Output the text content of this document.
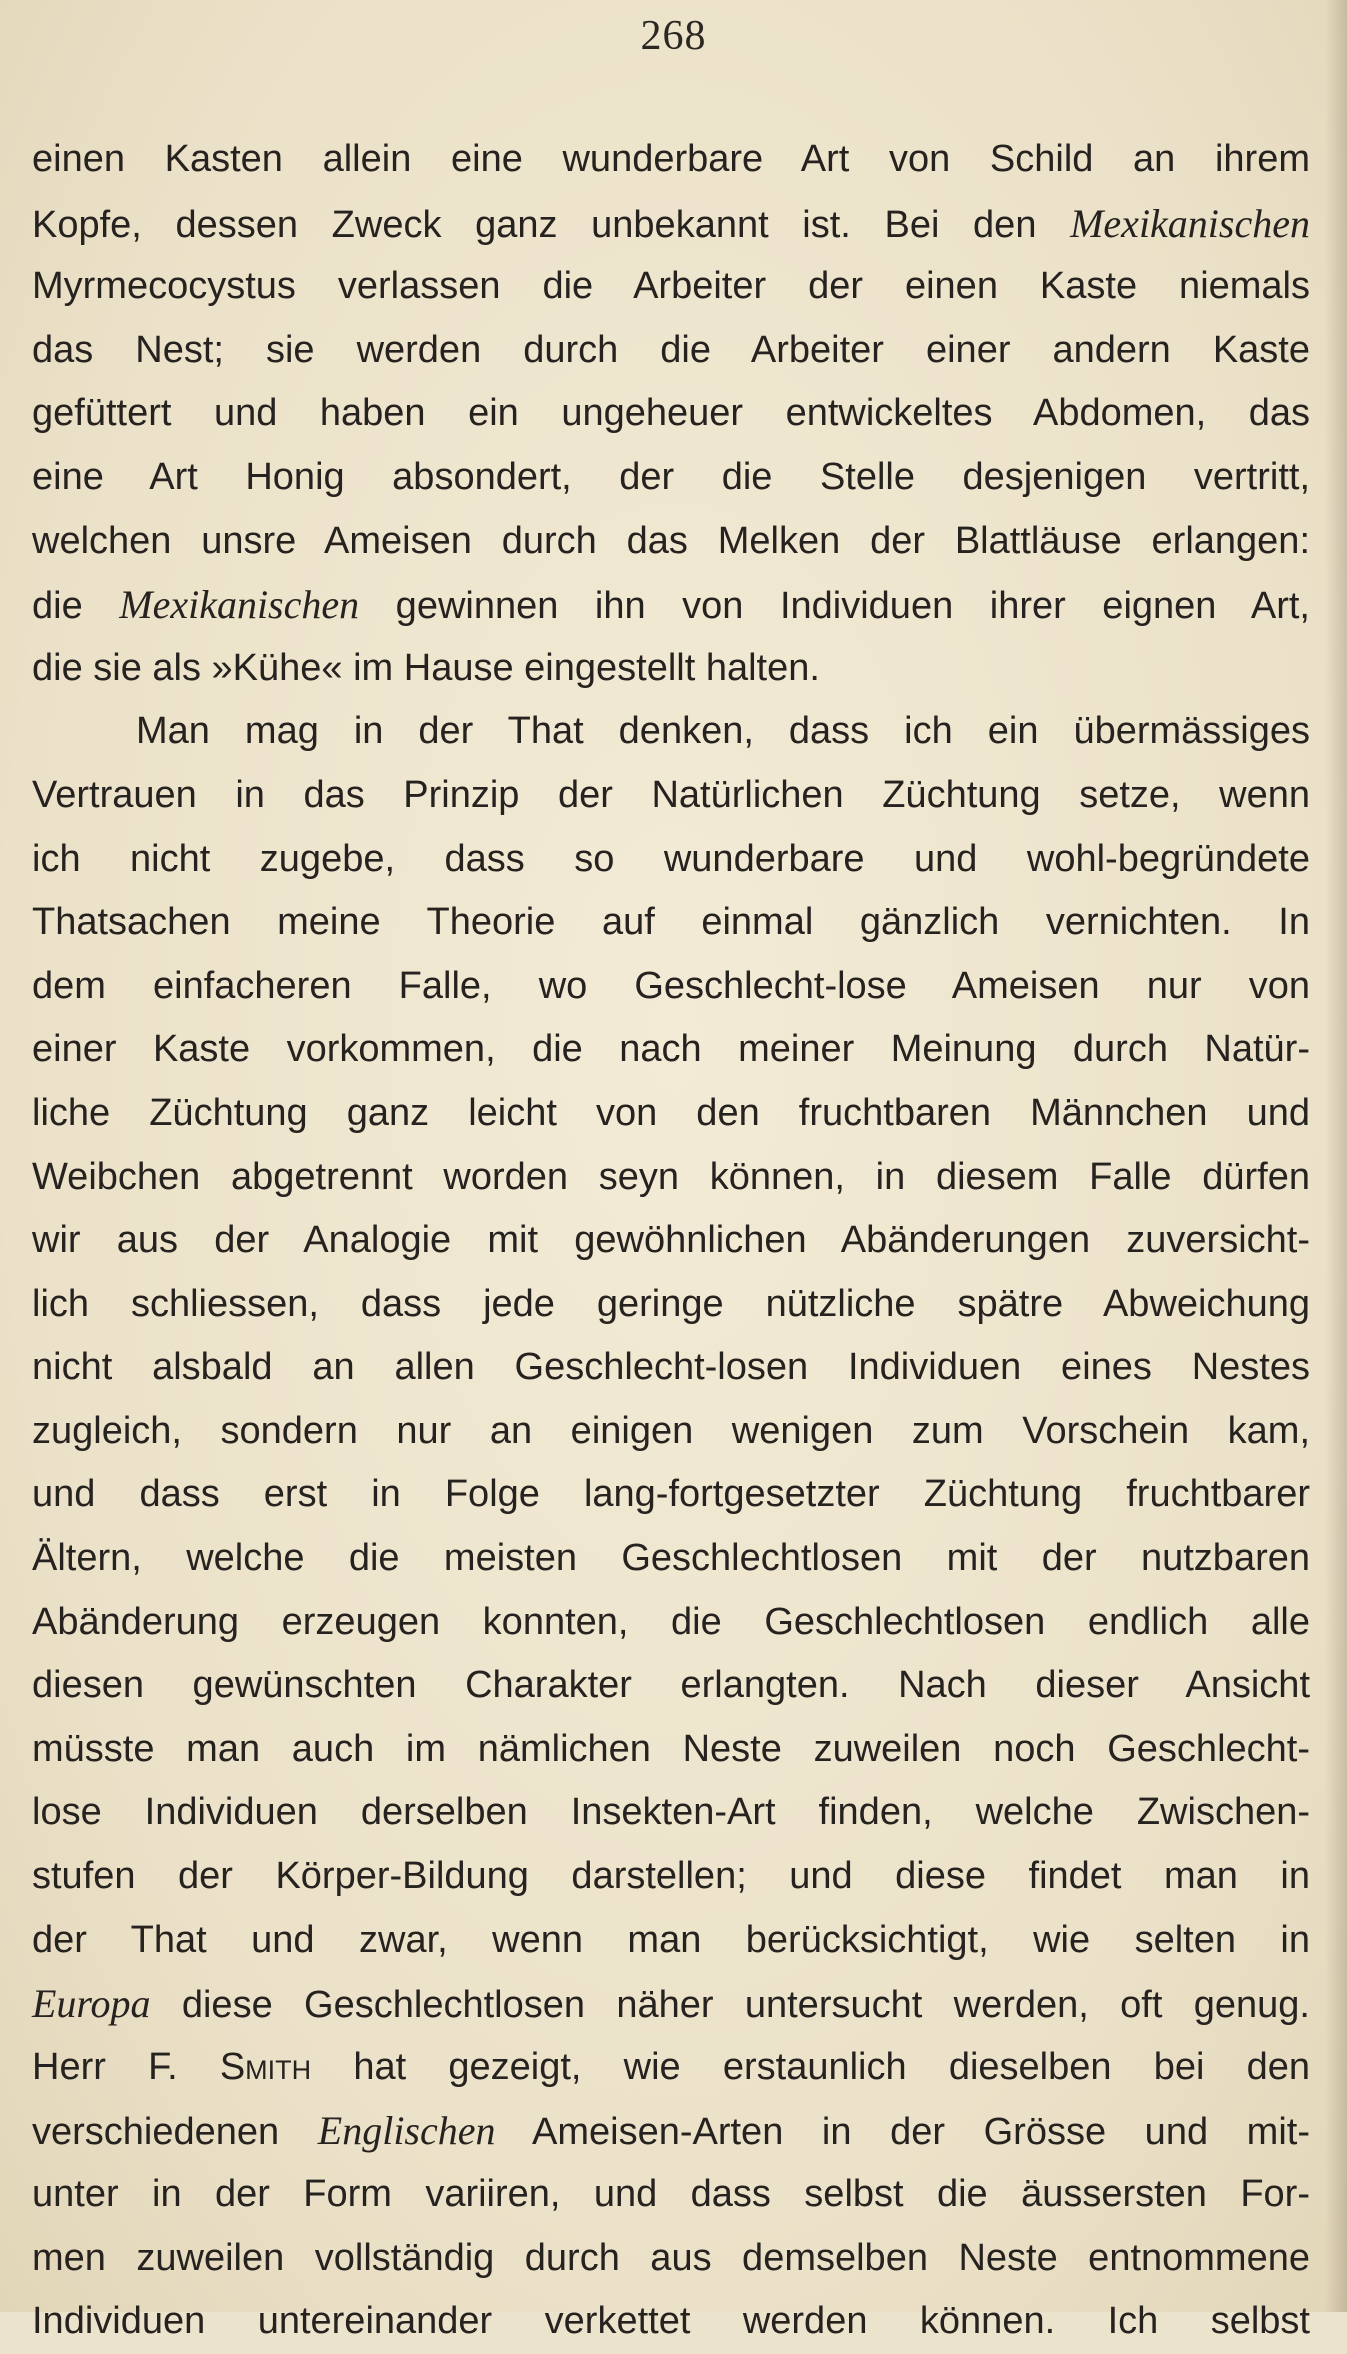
268
einen Kasten allein eine wunderbare Art von Schild an ihrem
Kopfe, dessen Zweck ganz unbekannt ist. Bei den Mexikanischen
Myrmecocystus verlassen die Arbeiter der einen Kaste niemals
das Nest; sie werden durch die Arbeiter einer andern Kaste
gefüttert und haben ein ungeheuer entwickeltes Abdomen, das
eine Art Honig absondert, der die Stelle desjenigen vertritt,
welchen unsre Ameisen durch das Melken der Blattläuse erlangen:
die Mexikanischen gewinnen ihn von Individuen ihrer eignen Art,
die sie als »Kühe« im Hause eingestellt halten.
Man mag in der That denken, dass ich ein übermässiges
Vertrauen in das Prinzip der Natürlichen Züchtung setze, wenn
ich nicht zugebe, dass so wunderbare und wohl-begründete
Thatsachen meine Theorie auf einmal gänzlich vernichten. In
dem einfacheren Falle, wo Geschlecht-lose Ameisen nur von
einer Kaste vorkommen, die nach meiner Meinung durch Natür-
liche Züchtung ganz leicht von den fruchtbaren Männchen und
Weibchen abgetrennt worden seyn können, in diesem Falle dürfen
wir aus der Analogie mit gewöhnlichen Abänderungen zuversicht-
lich schliessen, dass jede geringe nützliche spätre Abweichung
nicht alsbald an allen Geschlecht-losen Individuen eines Nestes
zugleich, sondern nur an einigen wenigen zum Vorschein kam,
und dass erst in Folge lang-fortgesetzter Züchtung fruchtbarer
Ältern, welche die meisten Geschlechtlosen mit der nutzbaren
Abänderung erzeugen konnten, die Geschlechtlosen endlich alle
diesen gewünschten Charakter erlangten. Nach dieser Ansicht
müsste man auch im nämlichen Neste zuweilen noch Geschlecht-
lose Individuen derselben Insekten-Art finden, welche Zwischen-
stufen der Körper-Bildung darstellen; und diese findet man in
der That und zwar, wenn man berücksichtigt, wie selten in
Europa diese Geschlechtlosen näher untersucht werden, oft genug.
Herr F. Smith hat gezeigt, wie erstaunlich dieselben bei den
verschiedenen Englischen Ameisen-Arten in der Grösse und mit-
unter in der Form variiren, und dass selbst die äussersten For-
men zuweilen vollständig durch aus demselben Neste entnommene
Individuen untereinander verkettet werden können. Ich selbst
